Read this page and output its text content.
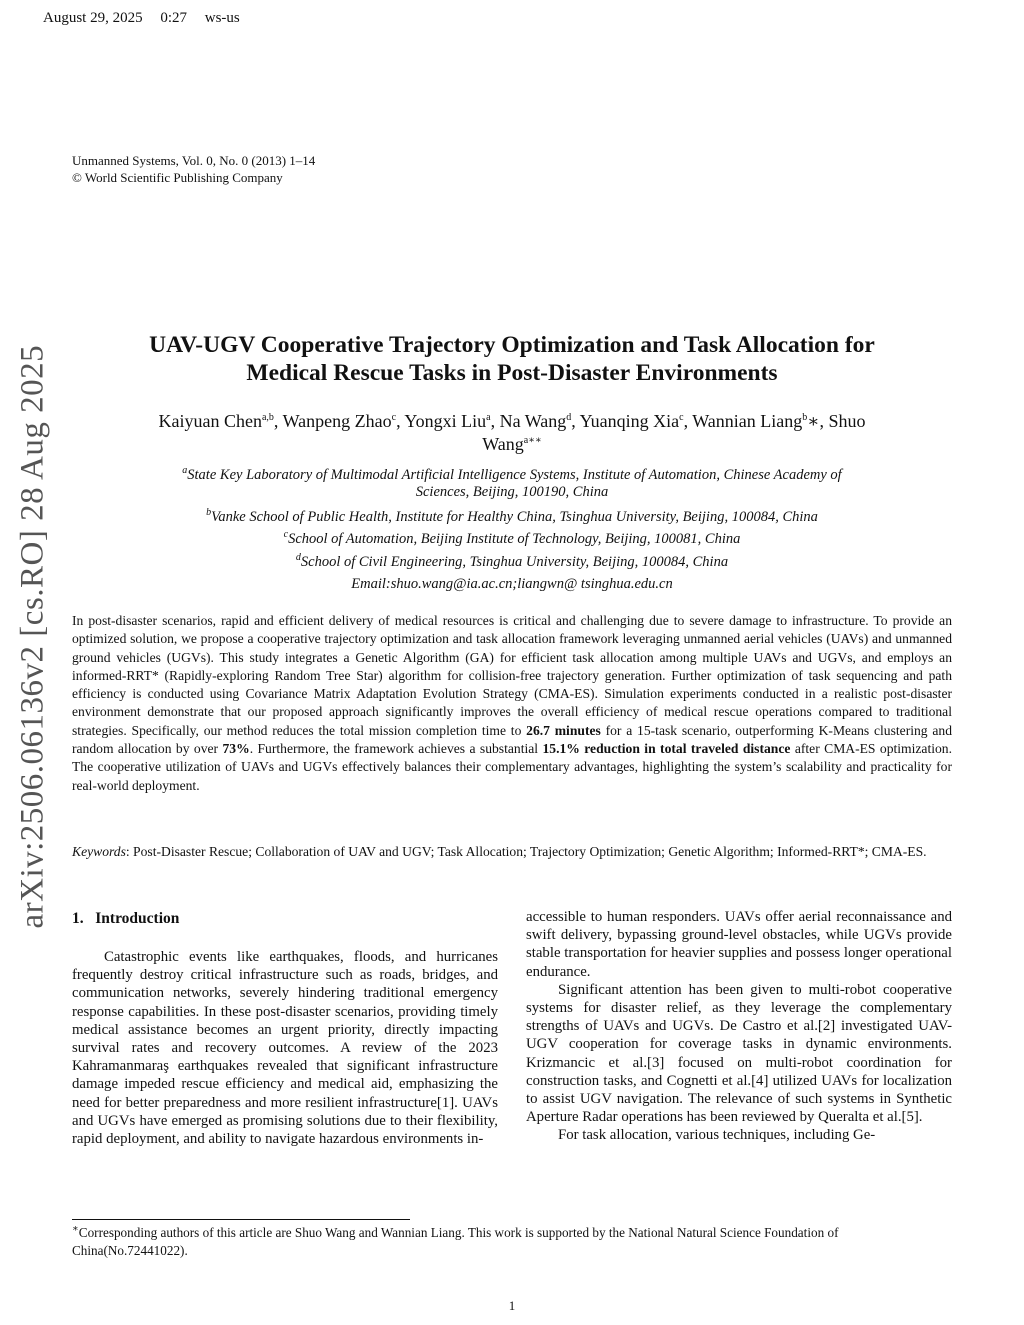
August 29, 2025 0:27 ws-us
Unmanned Systems, Vol. 0, No. 0 (2013) 1–14
© World Scientific Publishing Company
arXiv:2506.06136v2 [cs.RO] 28 Aug 2025	UAV-UGV Cooperative Trajectory Optimization and Task Allocation for
Medical Rescue Tasks in Post-Disaster Environments
Kaiyuan Chen$^{a,b}$, Wanpeng Zhao$^c$, Yongxi Liu$^a$, Na Wang$^d$, Yuanqing Xia$^c$, Wannian Liang$^b$∗, Shuo
Wang$^{a∗∗}$
$^a$State Key Laboratory of Multimodal Artificial Intelligence Systems, Institute of Automation, Chinese Academy of
Sciences, Beijing, 100190, China
$^b$Vanke School of Public Health, Institute for Healthy China, Tsinghua University, Beijing, 100084, China
$^c$School of Automation, Beijing Institute of Technology, Beijing, 100081, China
$^d$School of Civil Engineering, Tsinghua University, Beijing, 100084, China
Email:shuo.wang@ia.ac.cn;liangwn@ tsinghua.edu.cn
In post-disaster scenarios, rapid and efficient delivery of medical resources is critical and challenging due to severe damage to infrastructure. To provide an optimized solution, we propose a cooperative trajectory optimization and task allocation framework leveraging unmanned aerial vehicles (UAVs) and unmanned ground vehicles (UGVs). This study integrates a Genetic Algorithm (GA) for efficient task allocation among multiple UAVs and UGVs, and employs an informed-RRT* (Rapidly-exploring Random Tree Star) algorithm for collision-free trajectory generation. Further optimization of task sequencing and path efficiency is conducted using Covariance Matrix Adaptation Evolution Strategy (CMA-ES). Simulation experiments conducted in a realistic post-disaster environment demonstrate that our proposed approach significantly improves the overall efficiency of medical rescue operations compared to traditional strategies. Specifically, our method reduces the total mission completion time to 26.7 minutes for a 15-task scenario, outperforming K-Means clustering and random allocation by over 73%. Furthermore, the framework achieves a substantial 15.1% reduction in total traveled distance after CMA-ES optimization. The cooperative utilization of UAVs and UGVs effectively balances their complementary advantages, highlighting the system’s scalability and practicality for real-world deployment.
Keywords: Post-Disaster Rescue; Collaboration of UAV and UGV; Task Allocation; Trajectory Optimization; Genetic Algorithm; Informed-RRT*; CMA-ES.
1. Introduction

Catastrophic events like earthquakes, floods, and hurricanes frequently destroy critical infrastructure such as roads, bridges, and communication networks, severely hindering traditional emergency response capabilities. In these post-disaster scenarios, providing timely medical assistance becomes an urgent priority, directly impacting survival rates and recovery outcomes. A review of the 2023 Kahramanmaraş earthquakes revealed that significant infrastructure damage impeded rescue efficiency and medical aid, emphasizing the need for better preparedness and more resilient infrastructure[1]. UAVs and UGVs have emerged as promising solutions due to their flexibility, rapid deployment, and ability to navigate hazardous environments in-

accessible to human responders. UAVs offer aerial reconnaissance and swift delivery, bypassing ground-level obstacles, while UGVs provide stable transportation for heavier supplies and possess longer operational endurance.

Significant attention has been given to multi-robot cooperative systems for disaster relief, as they leverage the complementary strengths of UAVs and UGVs. De Castro et al.[2] investigated UAV-UGV cooperation for coverage tasks in dynamic environments. Krizmancic et al.[3] focused on multi-robot coordination for construction tasks, and Cognetti et al.[4] utilized UAVs for localization to assist UGV navigation. The relevance of such systems in Synthetic Aperture Radar operations has been reviewed by Queralta et al.[5].

For task allocation, various techniques, including Ge-

∗Corresponding authors of this article are Shuo Wang and Wannian Liang. This work is supported by the National Natural Science Foundation of China(No.72441022).
1
